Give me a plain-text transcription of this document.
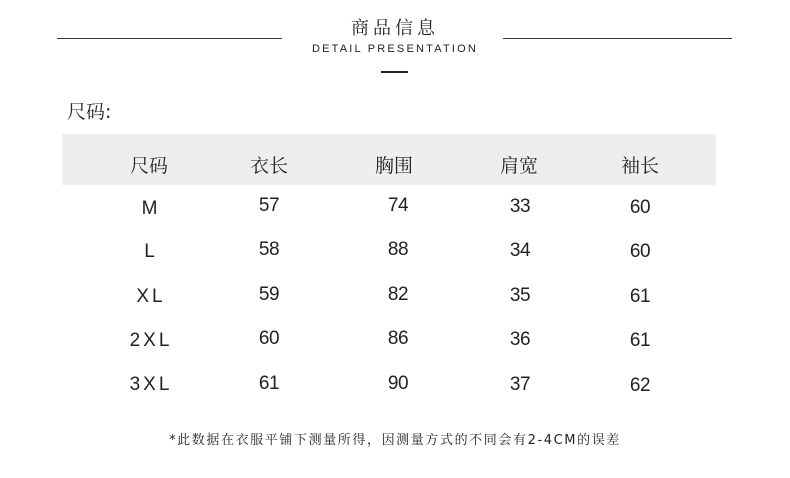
商品信息
DETAIL PRESENTATION
尺码:
尺码	衣长	胸围	肩宽	袖长
M	57	74	33	60
L	58	88	34	60
XL	59	82	35	61
2XL	60	86	36	61
3XL	61	90	37	62
*此数据在衣服平铺下测量所得，因测量方式的不同会有2-4CM的误差
